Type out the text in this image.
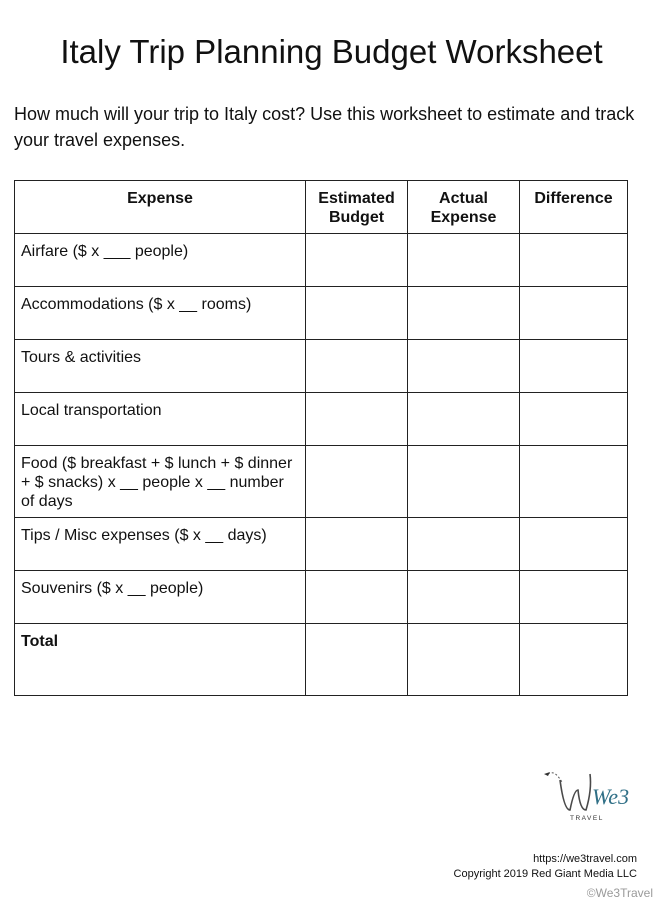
Italy Trip Planning Budget Worksheet

How much will your trip to Italy cost? Use this worksheet to estimate and track your travel expenses.

Expense	Estimated Budget	Actual Expense	Difference
Airfare ($ x ___ people)			
Accommodations ($ x __ rooms)			
Tours & activities			
Local transportation			
Food ($ breakfast + $ lunch + $ dinner + $ snacks) x __ people x __ number of days			
Tips / Misc expenses ($ x __ days)			
Souvenirs ($ x __ people)			
Total			
We3
TRAVEL
https://we3travel.com
Copyright 2019 Red Giant Media LLC
©We3Travel
